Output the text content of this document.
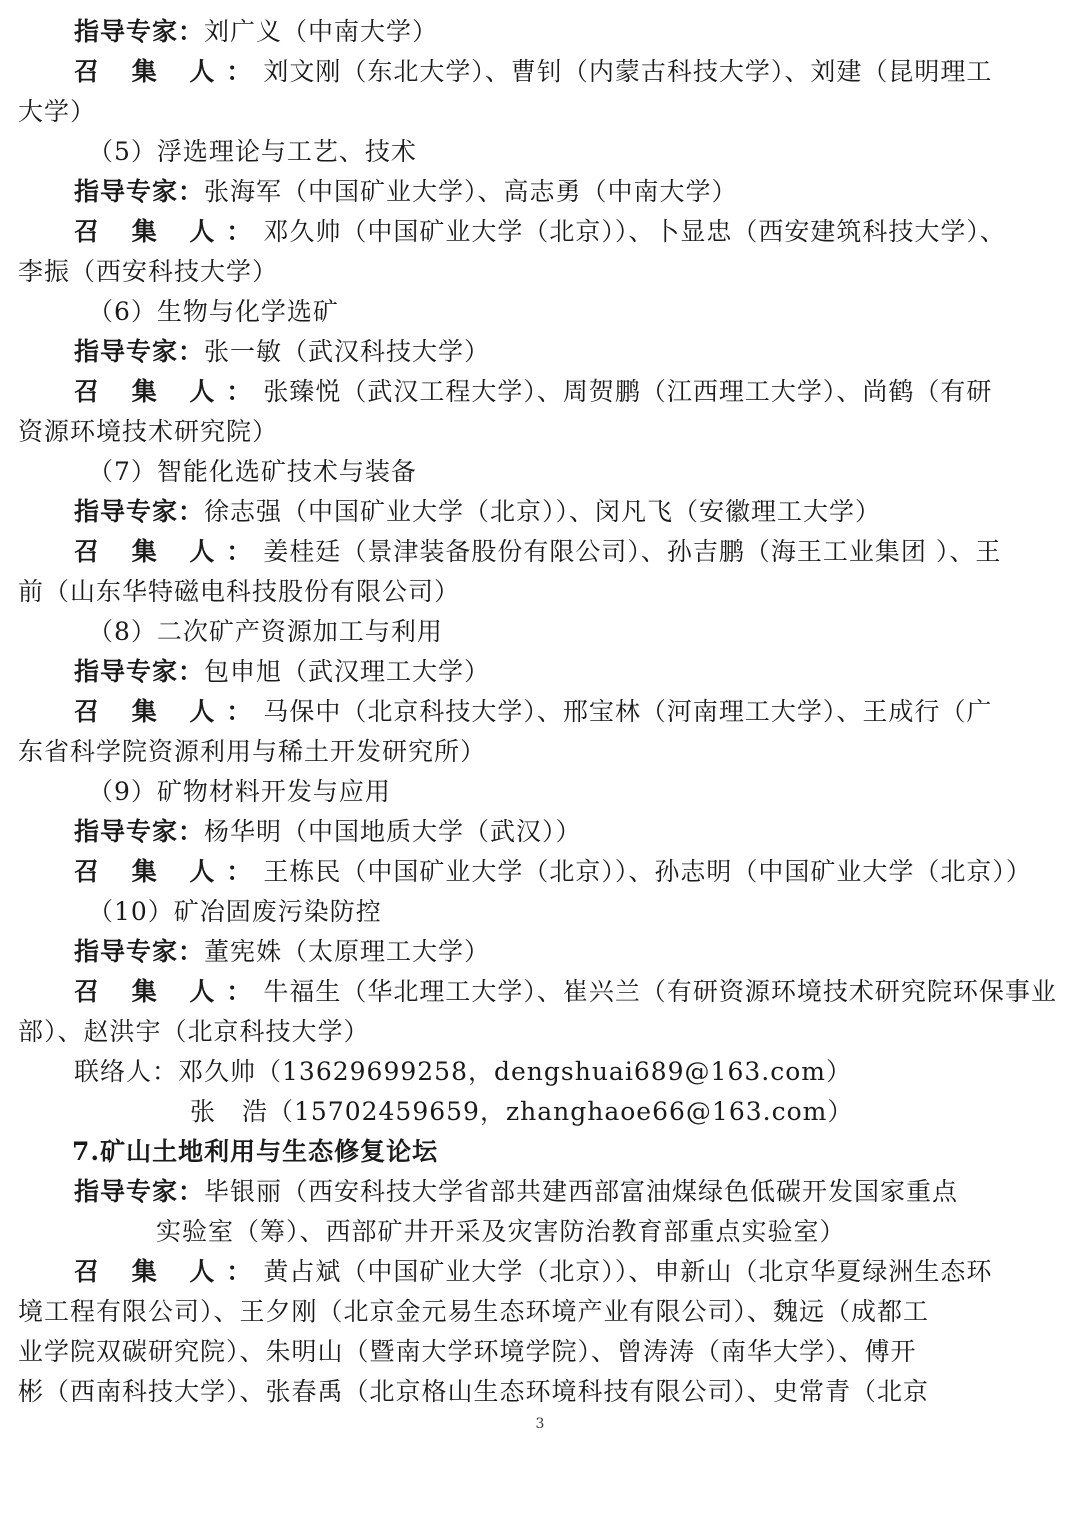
指导专家：刘广义（中南大学）
召 集 人：刘文刚（东北大学）、曹钊（内蒙古科技大学）、刘建（昆明理工
大学）
（5）浮选理论与工艺、技术
指导专家：张海军（中国矿业大学）、高志勇（中南大学）
召 集 人：邓久帅（中国矿业大学（北京））、卜显忠（西安建筑科技大学）、
李振（西安科技大学）
（6）生物与化学选矿
指导专家：张一敏（武汉科技大学）
召 集 人：张臻悦（武汉工程大学）、周贺鹏（江西理工大学）、尚鹤（有研
资源环境技术研究院）
（7）智能化选矿技术与装备
指导专家：徐志强（中国矿业大学（北京））、闵凡飞（安徽理工大学）
召 集 人：姜桂廷（景津装备股份有限公司）、孙吉鹏（海王工业集团 ）、王
前（山东华特磁电科技股份有限公司）
（8）二次矿产资源加工与利用
指导专家：包申旭（武汉理工大学）
召 集 人：马保中（北京科技大学）、邢宝林（河南理工大学）、王成行（广
东省科学院资源利用与稀土开发研究所）
（9）矿物材料开发与应用
指导专家：杨华明（中国地质大学（武汉））
召 集 人：王栋民（中国矿业大学（北京））、孙志明（中国矿业大学（北京））
（10）矿冶固废污染防控
指导专家：董宪姝（太原理工大学）
召 集 人：牛福生（华北理工大学）、崔兴兰（有研资源环境技术研究院环保事业
部）、赵洪宇（北京科技大学）
联络人：邓久帅（13629699258，dengshuai689@163.com）
张　浩（15702459659，zhanghaoe66@163.com）
7.矿山土地利用与生态修复论坛
指导专家：毕银丽（西安科技大学省部共建西部富油煤绿色低碳开发国家重点
实验室（筹）、西部矿井开采及灾害防治教育部重点实验室）
召 集 人：黄占斌（中国矿业大学（北京））、申新山（北京华夏绿洲生态环
境工程有限公司）、王夕刚（北京金元易生态环境产业有限公司）、魏远（成都工
业学院双碳研究院）、朱明山（暨南大学环境学院）、曾涛涛（南华大学）、傅开
彬（西南科技大学）、张春禹（北京格山生态环境科技有限公司）、史常青（北京
3
